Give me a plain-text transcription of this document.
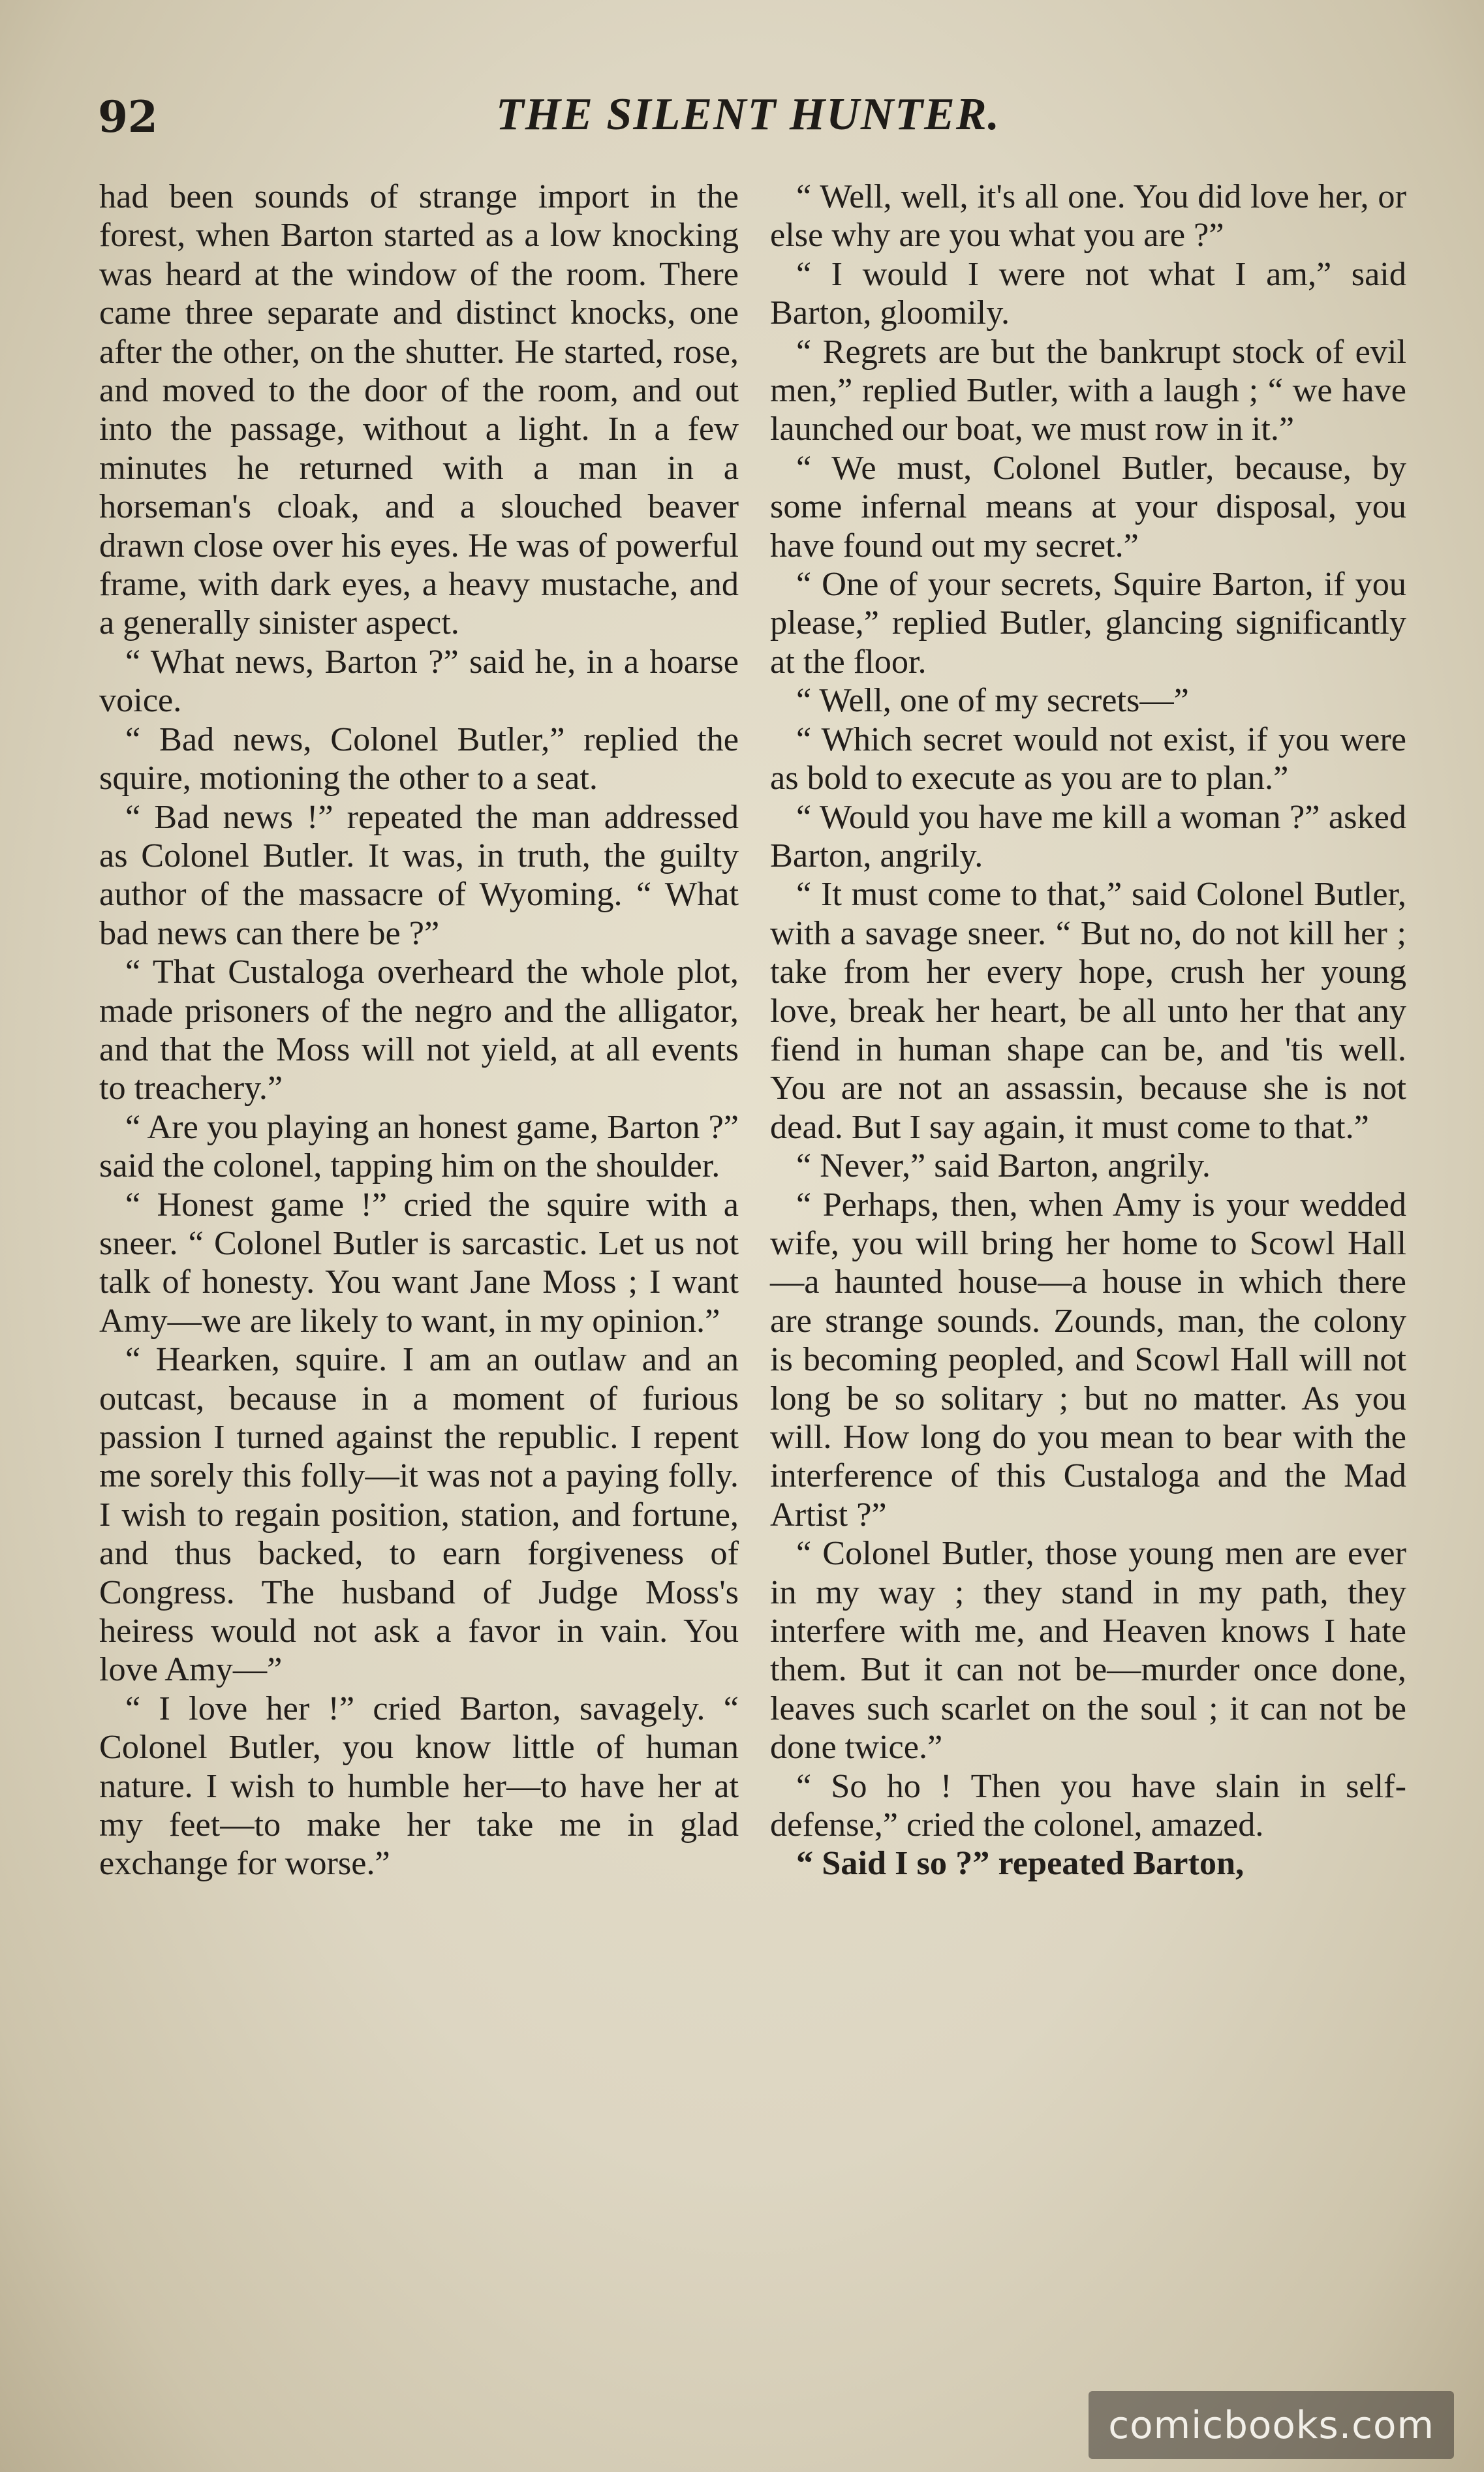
92	THE SILENT HUNTER.

had been sounds of strange import in the forest, when Barton started as a low knocking was heard at the window of the room. There came three separate and distinct knocks, one after the other, on the shutter. He started, rose, and moved to the door of the room, and out into the passage, without a light. In a few minutes he returned with a man in a horseman's cloak, and a slouched beaver drawn close over his eyes. He was of powerful frame, with dark eyes, a heavy mustache, and a generally sinister aspect.

“ What news, Barton ?” said he, in a hoarse voice.

“ Bad news, Colonel Butler,” replied the squire, motioning the other to a seat.

“ Bad news !” repeated the man addressed as Colonel Butler. It was, in truth, the guilty author of the massacre of Wyoming. “ What bad news can there be ?”

“ That Custaloga overheard the whole plot, made prisoners of the negro and the alligator, and that the Moss will not yield, at all events to treachery.”

“ Are you playing an honest game, Barton ?” said the colonel, tapping him on the shoulder.

“ Honest game !” cried the squire with a sneer. “ Colonel Butler is sarcastic. Let us not talk of honesty. You want Jane Moss ; I want Amy—we are likely to want, in my opinion.”

“ Hearken, squire. I am an outlaw and an outcast, because in a moment of furious passion I turned against the republic. I repent me sorely this folly—it was not a paying folly. I wish to regain position, station, and fortune, and thus backed, to earn forgiveness of Congress. The husband of Judge Moss's heiress would not ask a favor in vain. You love Amy—”

“ I love her !” cried Barton, savagely. “ Colonel Butler, you know little of human nature. I wish to humble her—to have her at my feet—to make her take me in glad exchange for worse.”

“ Well, well, it's all one. You did love her, or else why are you what you are ?”

“ I would I were not what I am,” said Barton, gloomily.

“ Regrets are but the bankrupt stock of evil men,” replied Butler, with a laugh ; “ we have launched our boat, we must row in it.”

“ We must, Colonel Butler, because, by some infernal means at your disposal, you have found out my secret.”

“ One of your secrets, Squire Barton, if you please,” replied Butler, glancing significantly at the floor.

“ Well, one of my secrets—”

“ Which secret would not exist, if you were as bold to execute as you are to plan.”

“ Would you have me kill a woman ?” asked Barton, angrily.

“ It must come to that,” said Colonel Butler, with a savage sneer. “ But no, do not kill her ; take from her every hope, crush her young love, break her heart, be all unto her that any fiend in human shape can be, and 'tis well. You are not an assassin, because she is not dead. But I say again, it must come to that.”

“ Never,” said Barton, angrily.

“ Perhaps, then, when Amy is your wedded wife, you will bring her home to Scowl Hall—a haunted house—a house in which there are strange sounds. Zounds, man, the colony is becoming peopled, and Scowl Hall will not long be so solitary ; but no matter. As you will. How long do you mean to bear with the interference of this Custaloga and the Mad Artist ?”

“ Colonel Butler, those young men are ever in my way ; they stand in my path, they interfere with me, and Heaven knows I hate them. But it can not be—murder once done, leaves such scarlet on the soul ; it can not be done twice.”

“ So ho ! Then you have slain in self-defense,” cried the colonel, amazed.

“ Said I so ?” repeated Barton,

comicbooks.com
